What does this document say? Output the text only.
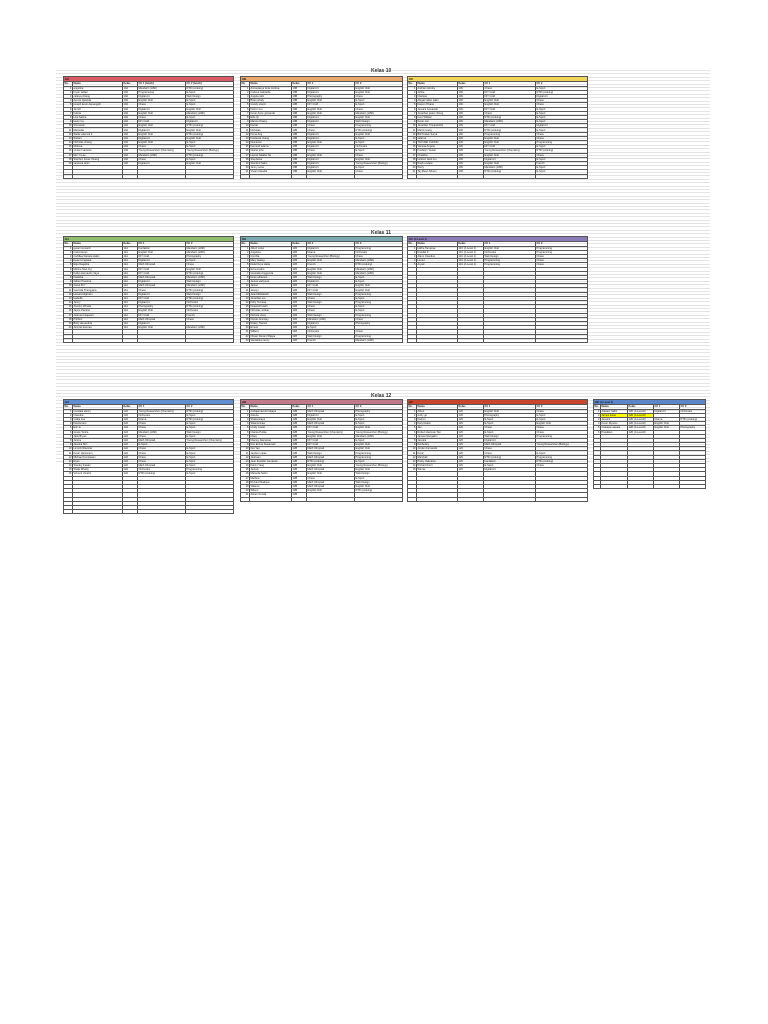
Kelas 10
Kelas 11
Kelas 12
10A				
No.	Nama	Kelas	CC 1 (lunch)	CC 2 (lunch)
1	angelina	10A	Mandarin (HSK)	RTD (cooking)
2	bryan willian	10A	Programming	E-Sport
3	calleya chiang	10A	Digital Art	Web Design
4	dennis djuanda	10A	English Club	E-Sport
5	joseph kevin depanggih	10A	Chess	E-Sport
6	Jerrell	10A	Digital Art	English Club
7	Felicia	10A	English Club	Mandarin (HSK)
8	Lisa Sasha	10A	Chess	E-Sport
9	kevin roy	10A	DIY Craft	Digital Art
10	Shenawin	10A	English Club	RTD (cooking)
11	Marcellia	10A	Digital Art	English Club
12	Wella valencia b	10A	English Club	RTD (cooking)
13	Stefani	10A	Digital Art	English Club
14	Nicholas chiang	10A	English Club	E-Sport
15	Melissa	10A	Chess	E-Sport
16	vincent santoso	10A	Young Researcher (Chemistry)	Young Researcher (Biology)
17	Mei Yi Lee	10A	Mandarin (HSK)	RTD (cooking)
18	Stephen lucas chuang	10A	Chess	E-Sport
19	vanessa tanin	10A	Digital Art	English Club

10B				
No.	Nama	Kelas	CC 1	CC 2
1	Annastasya fanie Andrea	10B	Digital Art	English Club
2	Carissa Gabriella	10B	Digital Art	English Club
3	Angela ralin	10B	Photography	Chess
4	Brian wiraly	10B	English Club	E-Sport
5	Candy Linetti	10B	DIY Craft	E-Sport
6	Darren Liu	10B	English Club	Chess
7	Kevin Anne giovanda	10B	English Club	Mandarin (HSK)
8	Ellie Qi	10B	Digital Art	English Club
9	Marcel chiang	10B	Digital Art	Web Design
10	Daniel	10B	Chess	Programming
11	Nicholas	10B	Chess	RTD (cooking)
12	Fiona Ang	10B	Digital Art	English Club
13	Frederick chang	10B	Digital Art	E-Sport
14	Giovanna	10B	English Club	E-Sport
15	Kenneth adams	10B	Digital Art	Orchestra
16	Glazer john	10B	Chess	E-Sport
17	Hamel Natalia Tia	10B	English Club	Chess
18	Stephanie	10B	Digital Art	English Club
19	Stanford halim	10B	Digital Art	Young Researcher (Biology)
20	Jenny sona	10B	Digital Art	E-Sport
21	Vivian Claudia	10B	English Club	Chess

10C				
No.	Nama	Kelas	CC 1	CC 2
1	Andrian Hindra	10C	Chess	E-Sport
2	Jolina	10C	DIY Craft	RTD (cooking)
3	Clarissa	10C	DIY Craft	Digital Art
4	Abigail nikko salim	10C	English Club	Chess
5	Darren Thiano	10C	English Club	Chess
6	Jessica Gunawati	10C	DIY Craft	E-Sport
7	Jonathan peter chiong	10C	Chess	E-Sport
8	Kent William	10C	RTD (cooking)	E-Sport
9	Kevin Lim	10C	Mandarin (HSK)	E-Sport
10	Jonathan Trisupardolo	10C	DIY Craft	Digital Art
11	Martin tsang	10C	RTD (cooking)	E-Sport
12	Bill Prakek Surya	10C	Programming	Chess
13	sabrina	10C	English Club	Chess
14	TAN WEI CHONG	10C	English Club	Programming
15	Vanesa Angela	10C	DIY Craft	E-Sport
16	Fredelyn Yovian	10C	Young Researcher (Chemistry)	RTD (cooking)
17	Chaldine	10C	English Club	Chess
18	Herbert davit Liu	10C	Digital Art	E-Sport
19	Raph endara	10C	English Club	French
20	Wuzy	10C	Mandarin (HSK)	E-Sport
21	Tay Bean Shuen	10C	RTD (cooking)	E-Sport

11A				
No.	Nama	Kelas	CC 1	CC 2
1	gevari sumardi	11A	Fanfakion	Mandarin (HSK)
2	Calvin Evan	11A	English Club	Mandarin (HSK)
3	Cahillea Daniela Halim	11A	DIY Craft	Photography
4	Dean Umgiseal	11A	Digital Art	E-Sport
5	Elga Nagatha	11A	Math Olimpiad	Chess
6	Marine Nise Ing	11A	DIY Craft	English Club
7	Kwiko Hernando Vaya	11A	DIY Craft	RTD (cooking)
8	Natasha	11A	Math Olimpiad	Mandarin (HSK)
9	Gillian Prastma	11A	Digital Art	Web Design
10	Gawe B C	11A	Math Olimpiad	Mandarin (HSK)
11	Gavinda Thenggara	11A	Chess	RTD (cooking)
12	Howard alghrain	11A	Digital Art	Web Design
13	Isabella	11A	DIY Craft	RTD (cooking)
14	Jenny	11A	Digital Art	Orchestra
15	Jocelyn Winata	11A	Photography	RTD (cooking)
16	Jayne Patricia	11A	English Club	Orchestra
17	Joshua hutapeari	11A	DIY Craft	French
18	Philbert	11A	Math Olimpiad	Chess
19	Betty alexandria	11A	Digital Art	
20	Jennita Ikesnaa	11A	English Club	Mandarin (HSK)

11B				
No.	Nama	Kelas	CC 1	CC 2
1	Albert Lidyo	11B	Digital Art	Programming
2	Angelina	11B	Drama	Orchestra
3	Cynthia	11B	Young Researcher (Biology)	Chess
4	Mary Huang	11B	English Club	Mandarin (HSK)
5	Dela Divya Hatta	11B	French	RTD (cooking)
6	Ezra Avalon	11B	English Club	Mandarin (HSK)
7	Gracielle Anggunda	11B	English Club	Mandarin (HSK)
8	Dean albatrest	11B	Web Design	E-Sport
9	Jenica wahyuna	11B	Digital Art	E-Sport
10	Janice	11B	DIY Craft	English Club
11	Jessyn	11B	DIY Craft	English Club
12	Julien/Elizabeth	11B	Web Design	Programming
13	Jonathan Liu	11B	Chess	E-Sport
14	Kelly Yemasa	11B	Web Design	Programming
15	Nuaanell Hash	11B	Chess	E-Sport
16	Nicholas Jordan	11B	Chess	E-Sport
17	Nichola Unay	11B	Web Design	Programming
18	Nicola Jennsley	11B	Mandarin (HSK)	Chess
19	Rakey Thamel	11B	Digital Art	Photography
20	Ernest	11B	E-Sport	
21	Wilbert	11B	Orchestra	Chess
22	Olivan Steven Wijaya	11B	Web Design	Programming
23	Vaniatiane lenny	11B	French	Mandarin (HSK)
11C (A Level 1)				
No.	Nama	Kelas	CC 1	CC 2
1	Hildra Tanujaya	11C (A Level 1)	English Club	Programming
2	Krasilla P.	11C (A Level 1)	Orchestra	Programming
3	Alano Claudius	11C (A Level 1)	Web Design	Chess
4	Lionel	11C (A Level 1)	Programming	Chess
5	Aryad	11C (A Level 1)	Programming	Chess

12A				
No.	Nama	Kelas	CC 1	CC 2
1	Candala Henry	12A	Young Researcher (Chemistry)	RTD (cooking)
2	Claretha	12A	Orchestra	E-Sport
3	Caltia Joe	12A	Drama	RTD (cooking)
4	Davineveni	12A	Chess	E-Sport
5	Eric tu	12A	Chess	E-Sport
6	Grace Tanira	12A	Mandarin (HSK)	Web Design
7	Jack Bryan	12A	Chess	E-Sport
8	Jennie	12A	Math Olimpiad	Young Researcher (Chemistry)
9	Jessica Shi	12A	E-Sport	
10	Lincoln Rianinta	12A	Chess	E-Sport
11	Kevin Hansmeru	12A	Chess	E-Sport
12	Michael Kurniawan	12A	Chess	E-Sport
13	Ryan	12A	Chess	E-Sport
14	Stanley Irawan	12A	Math Olimpiad	E-Sport
15	Stella Rihatty	12A	Orchestra	Programming
16	Vincent Umarin	12A	RTD (cooking)	E-Sport

12B				
No.	Nama	Kelas	CC 1	CC 2
1	Andajamasutomuljaya	12B	Math Olimpiad	Photography
2	Asteria	12B	Digital Art	E-Sport
3	Shakaniraya	12B	English Club	E-Sport
4	Sikaniorinaa	12B	Math Olimpiad	E-Sport
5	Cindy Louell	12B	DIY Craft	English Club
6	Clarisa Putika	12B	Young Researcher (Chemistry)	Young Researcher (Biology)
7	Clara	12B	English Club	Mandarin (HSK)
8	Diamsy Alamesse	12B	DIY Craft	E-Sport
9	Kim Ervina Susanoah	12B	DIY Craft	English Club
10	Gio Yap	12B	Math Olimpiad	English Club
11	Jayden Lukas	12B	Web Design	Programming
12	Jeehaan	12B	Math Olimpiad	Programming
13	Juan Franklin Gunawan	12B	RTD (cooking)	E-Sport
14	Kelvin Yang	12B	English Club	Young Researcher (Biology)
15	Jeniaty	12B	Math Olimpiad	English Club
16	Marsella Sukin	12B	English Club	Web Design
17	Mathew	12B	Chess	E-Sport
18	Richard Madison	12B	Math Olimpiad	Web Design
19	Valance	12B	Math Olimpiad	English Club
20	Wilson	12B	English Club	RTD (cooking)
21	Aileen Gunda	12B		

12C				
No.	Nama	Kelas	CC 1	CC 2
1	Albert	12C	English Club	Chess
2	Andy go	12C	Photography	E-Sport
3	Darren	12C	E-Sport	E-Sport
4	Daryl Halim	12C	E-Sport	English Club
5	Jac	12C	Chess	Chess
6	Robert Hartman Tan	12C	E-Sport	Chess
7	Janses Rangalim	12C	Web Design	Programming
8	Jessica	12C	Digital Art	
9	Kimberley	12C	Math Olimpiad	Young Researcher (Biology)
10	Jordan Fernando	12C	Chess	
11	Kevin	12C	Chess	E-Sport
12	Marshall	12C	RTD (cooking)	Programming
13	Pretty Valentina	12C	Fanfakion	RTD (cooking)
14	Richard Ferri	12C	E-Sport	Chess
15	Winnie	12C	Digital Art	

12D (A Level 2)				
No.	Nama	Kelas	CC 1	CC 2
1	Adeaus halim	12D (A Level2)	Digital Art	Orchestra
2	James lucas	12D (A Level2)		
3	Jessica	12D (A Level2)	Drama	RTD (cooking)
4	Kevin Riyanto	12D (A Level2)	English Club	
5	Caleique aqcata	12D (A Level2)	English Club	Photography
6	Prastikan	12D (A Level2)		
